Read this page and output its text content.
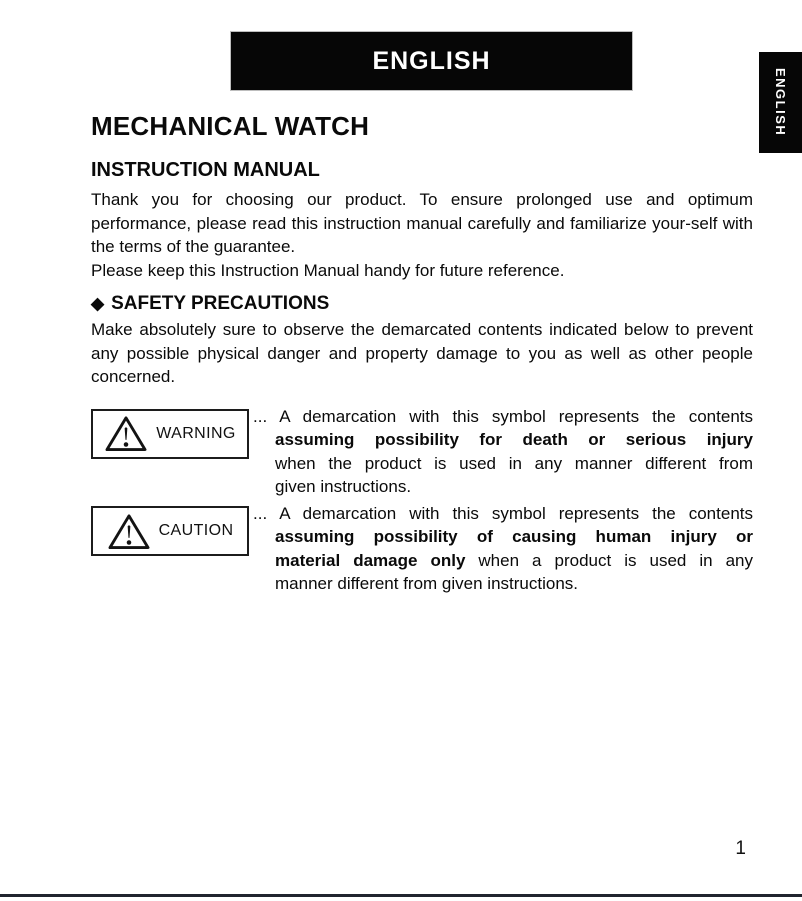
ENGLISH
ENGLISH
MECHANICAL WATCH
INSTRUCTION MANUAL

Thank you for choosing our product. To ensure prolonged use and optimum performance, please read this instruction manual carefully and familiarize your-self with the terms of the guarantee.

Please keep this Instruction Manual handy for future reference.

◆ SAFETY PRECAUTIONS

Make absolutely sure to observe the demarcated contents indicated below to prevent any possible physical danger and property damage to you as well as other people concerned.

WARNING
... A demarcation with this symbol represents the contents
assuming possibility for death or serious injury
when the product is used in any manner different from
given instructions.
CAUTION
... A demarcation with this symbol represents the contents
assuming possibility of causing human injury or
material damage only when a product is used in any
manner different from given instructions.
1
